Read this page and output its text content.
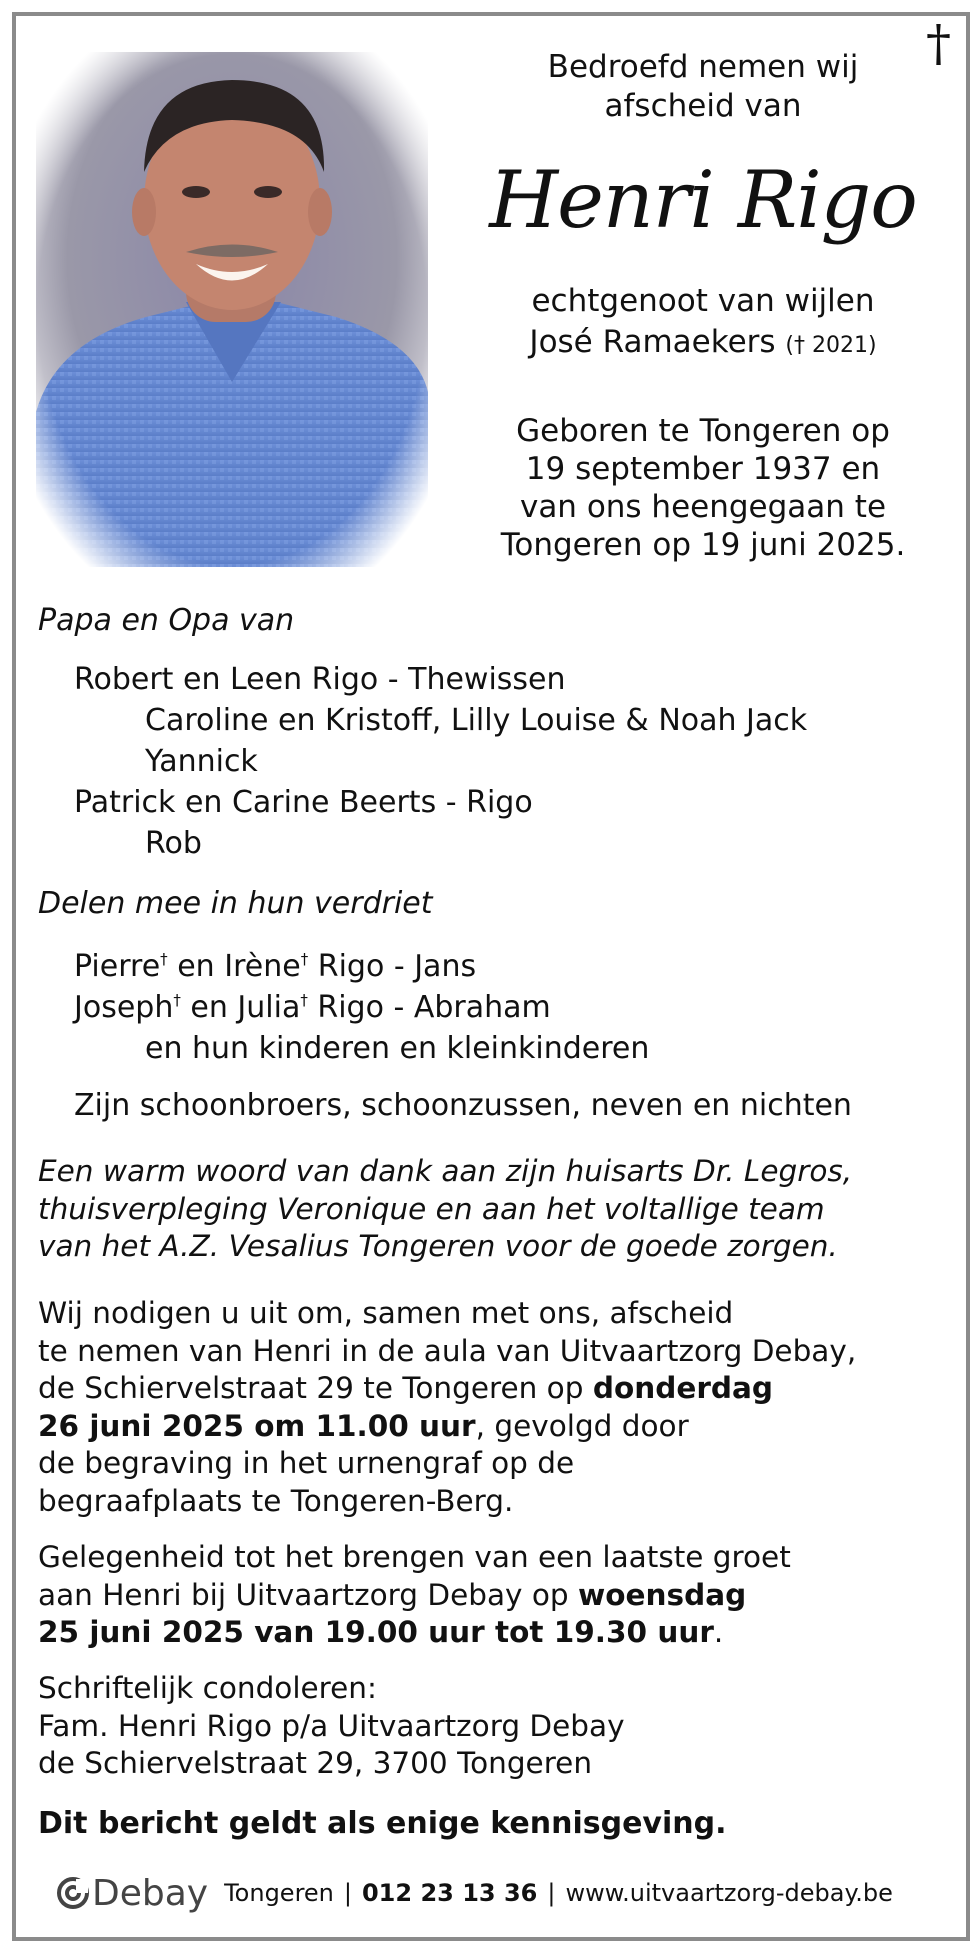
†
Bedroefd nemen wij
afscheid van
Henri Rigo
echtgenoot van wijlen
José Ramaekers († 2021)
Geboren te Tongeren op
19 september 1937 en
van ons heengegaan te
Tongeren op 19 juni 2025.
Papa en Opa van
Robert en Leen Rigo - Thewissen
Caroline en Kristoff, Lilly Louise & Noah Jack
Yannick
Patrick en Carine Beerts - Rigo
Rob
Delen mee in hun verdriet
Pierre† en Irène† Rigo - Jans
Joseph† en Julia† Rigo - Abraham
en hun kinderen en kleinkinderen
Zijn schoonbroers, schoonzussen, neven en nichten
Een warm woord van dank aan zijn huisarts Dr. Legros,
thuisverpleging Veronique en aan het voltallige team
van het A.Z. Vesalius Tongeren voor de goede zorgen.
Wij nodigen u uit om, samen met ons, afscheid
te nemen van Henri in de aula van Uitvaartzorg Debay,
de Schiervelstraat 29 te Tongeren op donderdag
26 juni 2025 om 11.00 uur, gevolgd door
de begraving in het urnengraf op de
begraafplaats te Tongeren-Berg.
Gelegenheid tot het brengen van een laatste groet
aan Henri bij Uitvaartzorg Debay op woensdag
25 juni 2025 van 19.00 uur tot 19.30 uur.
Schriftelijk condoleren:
Fam. Henri Rigo p/a Uitvaartzorg Debay
de Schiervelstraat 29, 3700 Tongeren
Dit bericht geldt als enige kennisgeving.
Debay Tongeren | 012 23 13 36 | www.uitvaartzorg-debay.be
